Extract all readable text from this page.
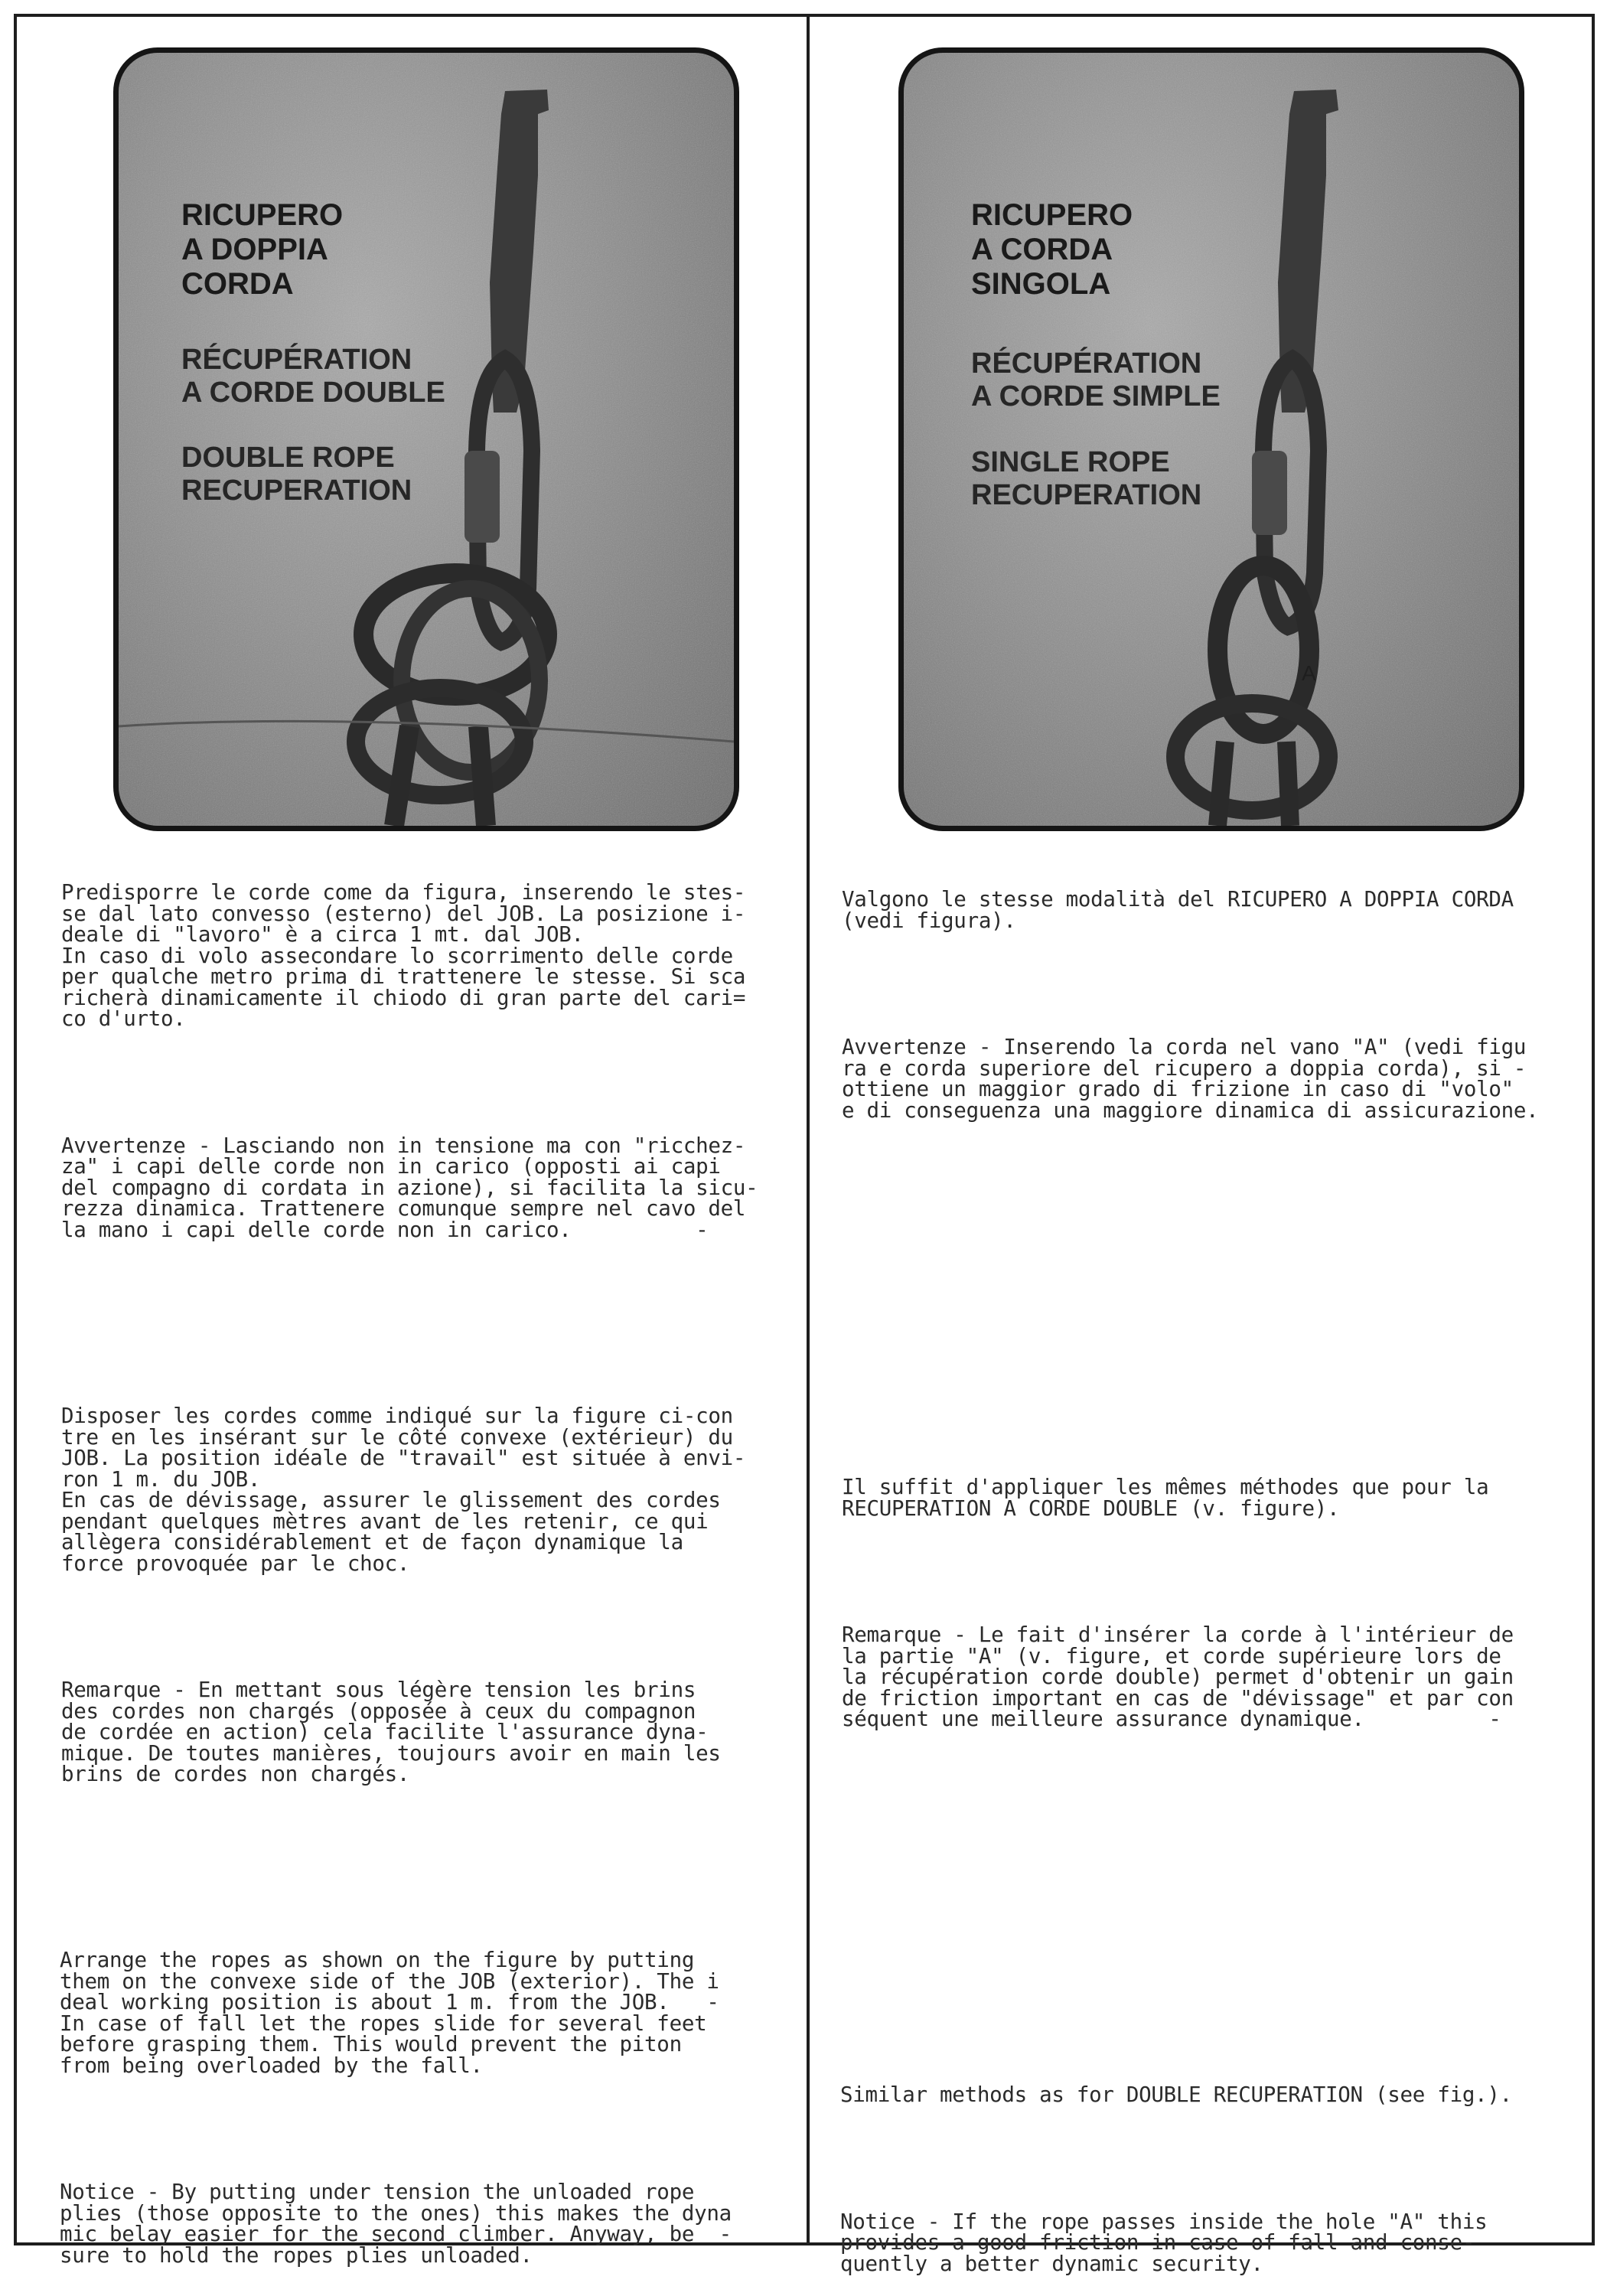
RICUPERO
A DOPPIA
CORDA
RÉCUPÉRATION
A CORDE DOUBLE
DOUBLE ROPE
RECUPERATION
RICUPERO
A CORDA
SINGOLA
RÉCUPÉRATION
A CORDE SIMPLE
SINGLE ROPE
RECUPERATION
A

Predisporre le corde come da figura, inserendo le stes-
se dal lato convesso (esterno) del JOB. La posizione i-
deale di "lavoro" è a circa 1 mt. dal JOB.
In caso di volo assecondare lo scorrimento delle corde
per qualche metro prima di trattenere le stesse. Si sca
richerà dinamicamente il chiodo di gran parte del cari=
co d'urto.

Avvertenze - Lasciando non in tensione ma con "ricchez-
za" i capi delle corde non in carico (opposti ai capi
del compagno di cordata in azione), si facilita la sicu-
rezza dinamica. Trattenere comunque sempre nel cavo del
la mano i capi delle corde non in carico.          -

Disposer les cordes comme indiqué sur la figure ci-con
tre en les insérant sur le côté convexe (extérieur) du
JOB. La position idéale de "travail" est située à envi-
ron 1 m. du JOB.
En cas de dévissage, assurer le glissement des cordes
pendant quelques mètres avant de les retenir, ce qui
allègera considérablement et de façon dynamique la
force provoquée par le choc.

Remarque - En mettant sous légère tension les brins
des cordes non chargés (opposée à ceux du compagnon
de cordée en action) cela facilite l'assurance dyna-
mique. De toutes manières, toujours avoir en main les
brins de cordes non chargés.

Arrange the ropes as shown on the figure by putting
them on the convexe side of the JOB (exterior). The i
deal working position is about 1 m. from the JOB.   -
In case of fall let the ropes slide for several feet
before grasping them. This would prevent the piton
from being overloaded by the fall.

Notice - By putting under tension the unloaded rope
plies (those opposite to the ones) this makes the dyna
mic belay easier for the second climber. Anyway, be  -
sure to hold the ropes plies unloaded.

Valgono le stesse modalità del RICUPERO A DOPPIA CORDA
(vedi figura).

Avvertenze - Inserendo la corda nel vano "A" (vedi figu
ra e corda superiore del ricupero a doppia corda), si -
ottiene un maggior grado di frizione in caso di "volo"
e di conseguenza una maggiore dinamica di assicurazione.

Il suffit d'appliquer les mêmes méthodes que pour la
RECUPERATION A CORDE DOUBLE (v. figure).

Remarque - Le fait d'insérer la corde à l'intérieur de
la partie "A" (v. figure, et corde supérieure lors de
la récupération corde double) permet d'obtenir un gain
de friction important en cas de "dévissage" et par con
séquent une meilleure assurance dynamique.          -

Similar methods as for DOUBLE RECUPERATION (see fig.).

Notice - If the rope passes inside the hole "A" this
provides a good friction in case of fall and conse-
quently a better dynamic security.
